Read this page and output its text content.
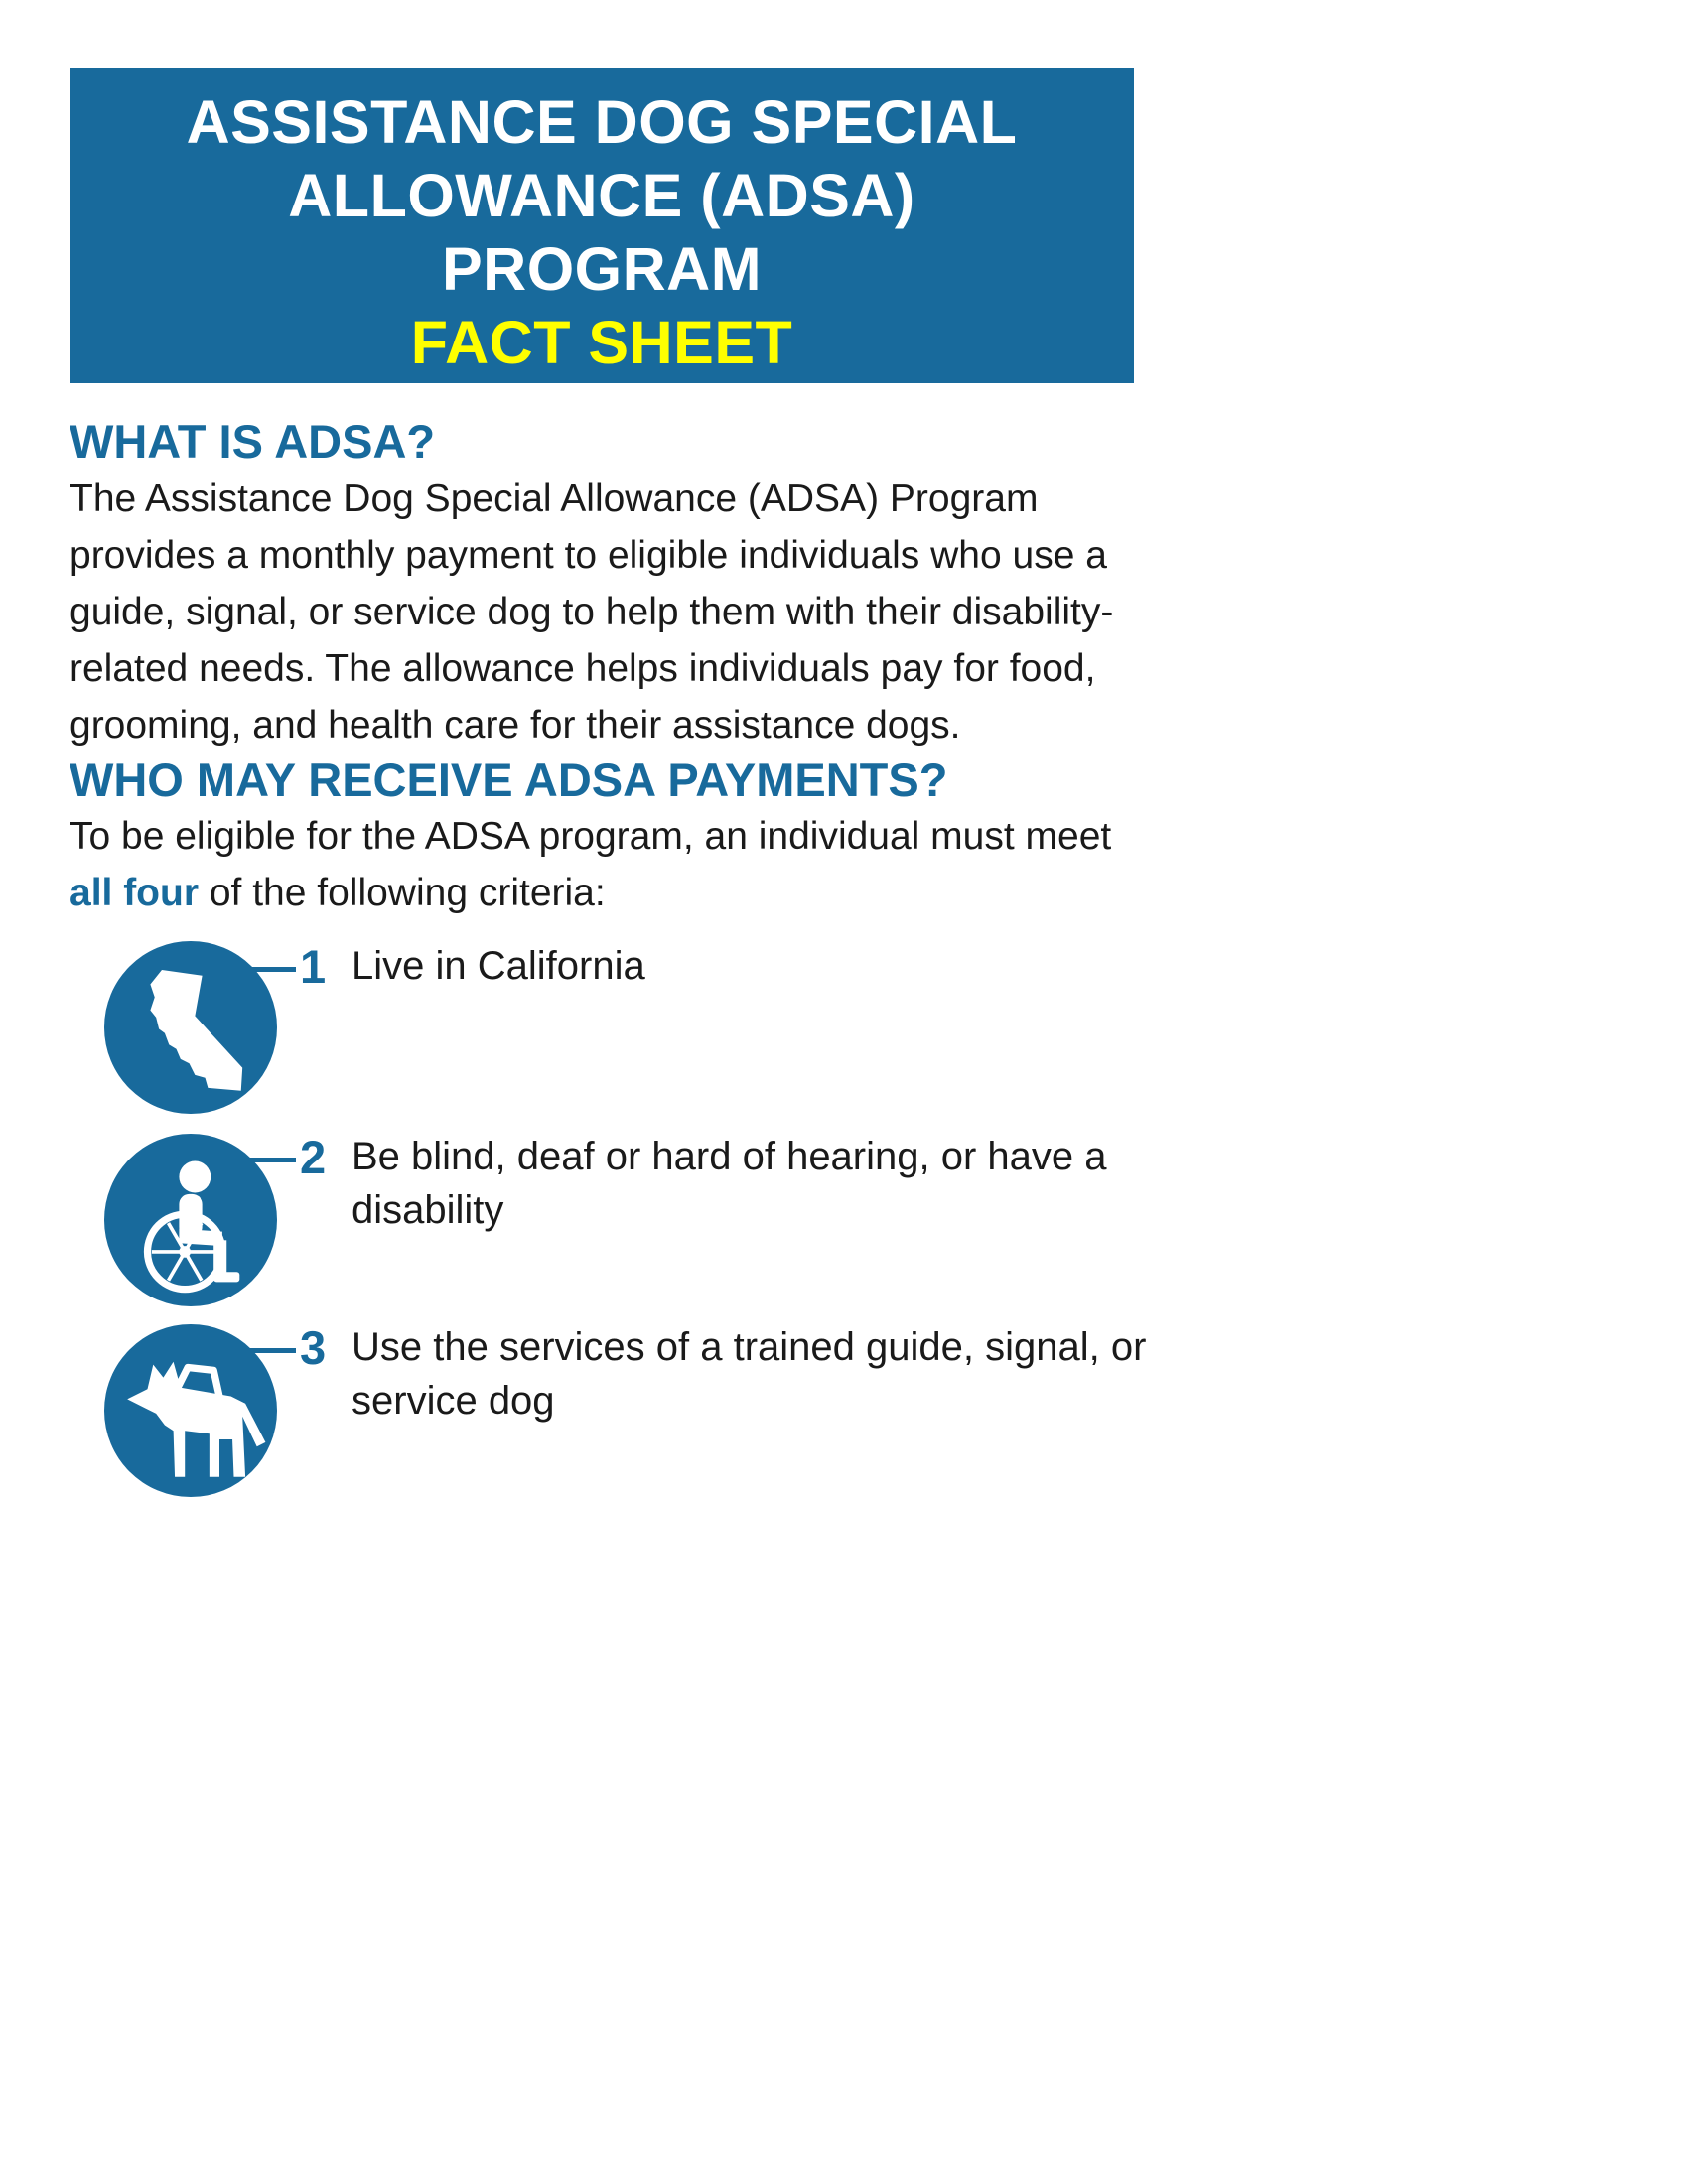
ASSISTANCE DOG SPECIAL
ALLOWANCE (ADSA)
PROGRAM
FACT SHEET
WHAT IS ADSA?
The Assistance Dog Special Allowance (ADSA) Program provides a monthly payment to eligible individuals who use a guide, signal, or service dog to help them with their disability-related needs. The allowance helps individuals pay for food, grooming, and health care for their assistance dogs.
WHO MAY RECEIVE ADSA PAYMENTS?
To be eligible for the ADSA program, an individual must meet all four of the following criteria:
1 Live in California
2 Be blind, deaf or hard of hearing, or have a disability
3 Use the services of a trained guide, signal, or service dog
